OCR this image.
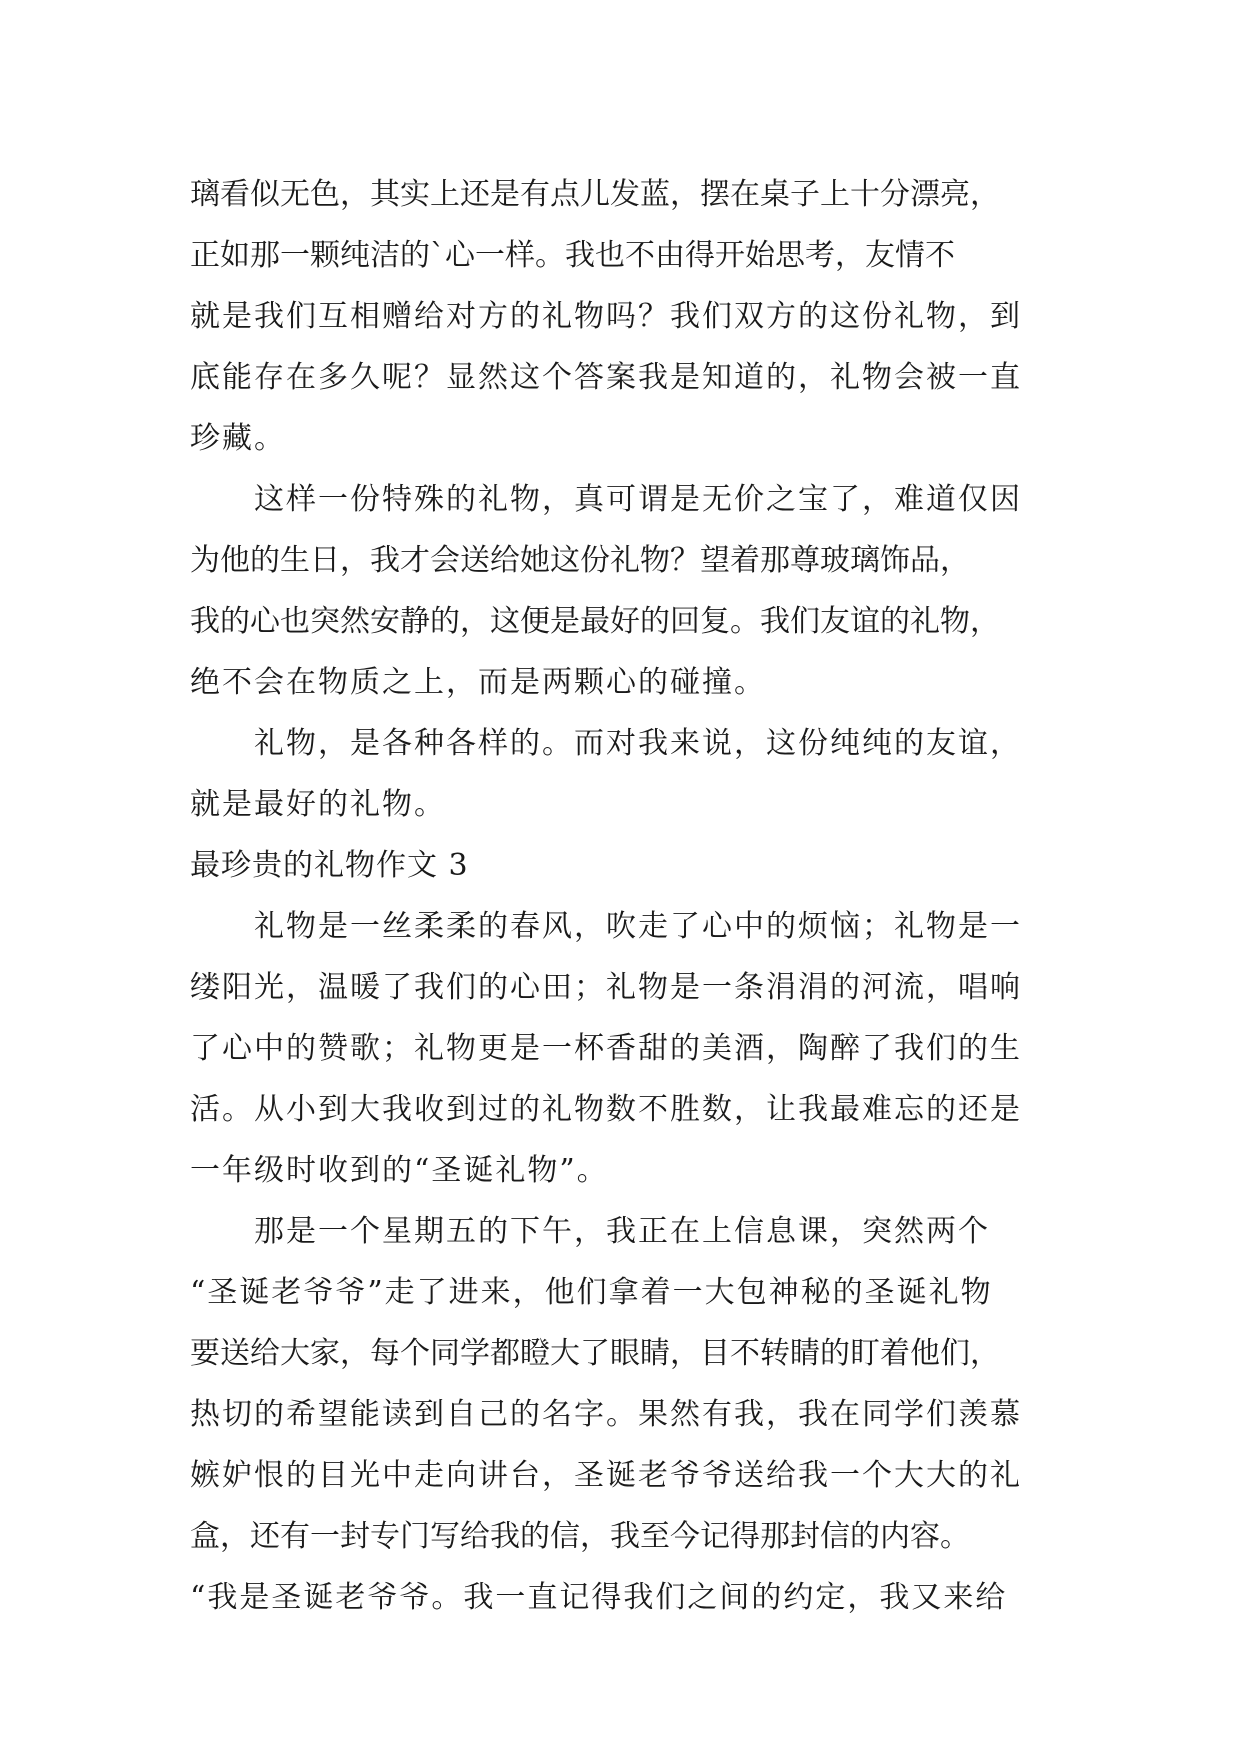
璃看似无色，其实上还是有点儿发蓝，摆在桌子上十分漂亮，
正如那一颗纯洁的`心一样。我也不由得开始思考，友情不
就是我们互相赠给对方的礼物吗？我们双方的这份礼物，到
底能存在多久呢？显然这个答案我是知道的，礼物会被一直
珍藏。
这样一份特殊的礼物，真可谓是无价之宝了，难道仅因
为他的生日，我才会送给她这份礼物？望着那尊玻璃饰品，
我的心也突然安静的，这便是最好的回复。我们友谊的礼物，
绝不会在物质之上，而是两颗心的碰撞。
礼物，是各种各样的。而对我来说，这份纯纯的友谊，
就是最好的礼物。
最珍贵的礼物作文 3
礼物是一丝柔柔的春风，吹走了心中的烦恼；礼物是一
缕阳光，温暖了我们的心田；礼物是一条涓涓的河流，唱响
了心中的赞歌；礼物更是一杯香甜的美酒，陶醉了我们的生
活。从小到大我收到过的礼物数不胜数，让我最难忘的还是
一年级时收到的“圣诞礼物”。
那是一个星期五的下午，我正在上信息课，突然两个
“圣诞老爷爷”走了进来，他们拿着一大包神秘的圣诞礼物
要送给大家，每个同学都瞪大了眼睛，目不转睛的盯着他们，
热切的希望能读到自己的名字。果然有我，我在同学们羡慕
嫉妒恨的目光中走向讲台，圣诞老爷爷送给我一个大大的礼
盒，还有一封专门写给我的信，我至今记得那封信的内容。
“我是圣诞老爷爷。我一直记得我们之间的约定，我又来给
